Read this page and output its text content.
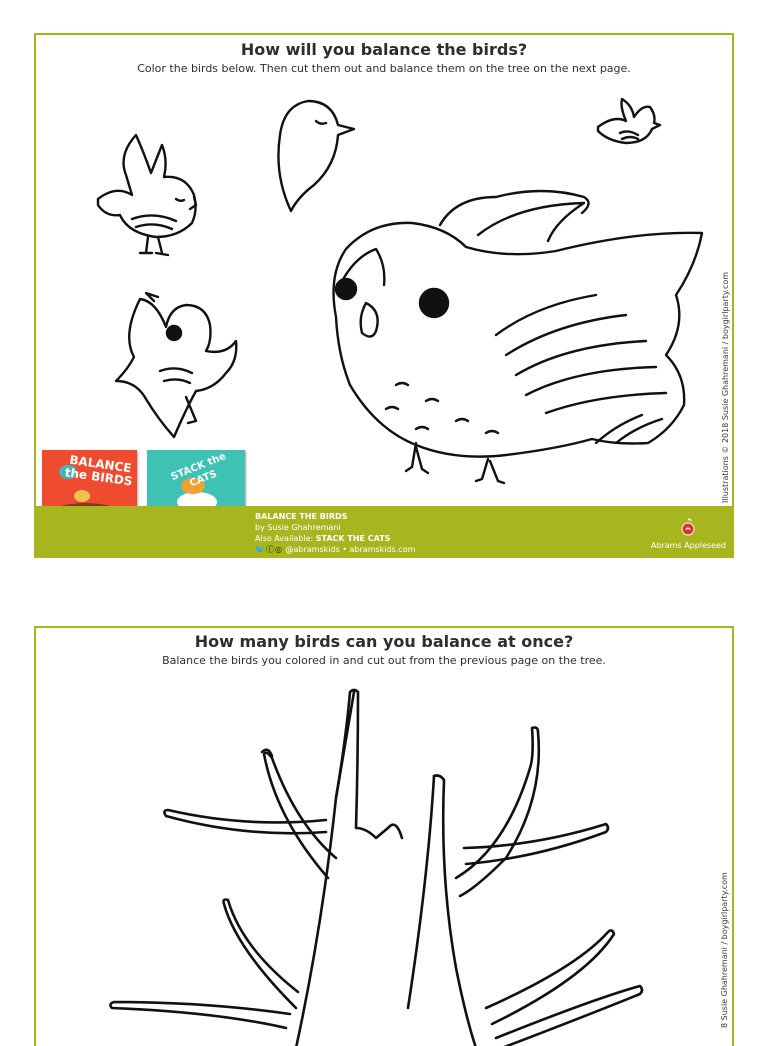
How will you balance the birds?
Color the birds below. Then cut them out and balance them on the tree on the next page.
BALANCE the BIRDS	STACK the CATS	Illustrations © 2018 Susie Ghahremani / boygirlparty.com
BALANCE THE BIRDS
by Susie Ghahremani
Also Available: STACK THE CATS
🐦ⓕ◎ @abramskids • abramskids.com	Abrams Appleseed
How many birds can you balance at once?
Balance the birds you colored in and cut out from the previous page on the tree.
8 Susie Ghahremani / boygirlparty.com
